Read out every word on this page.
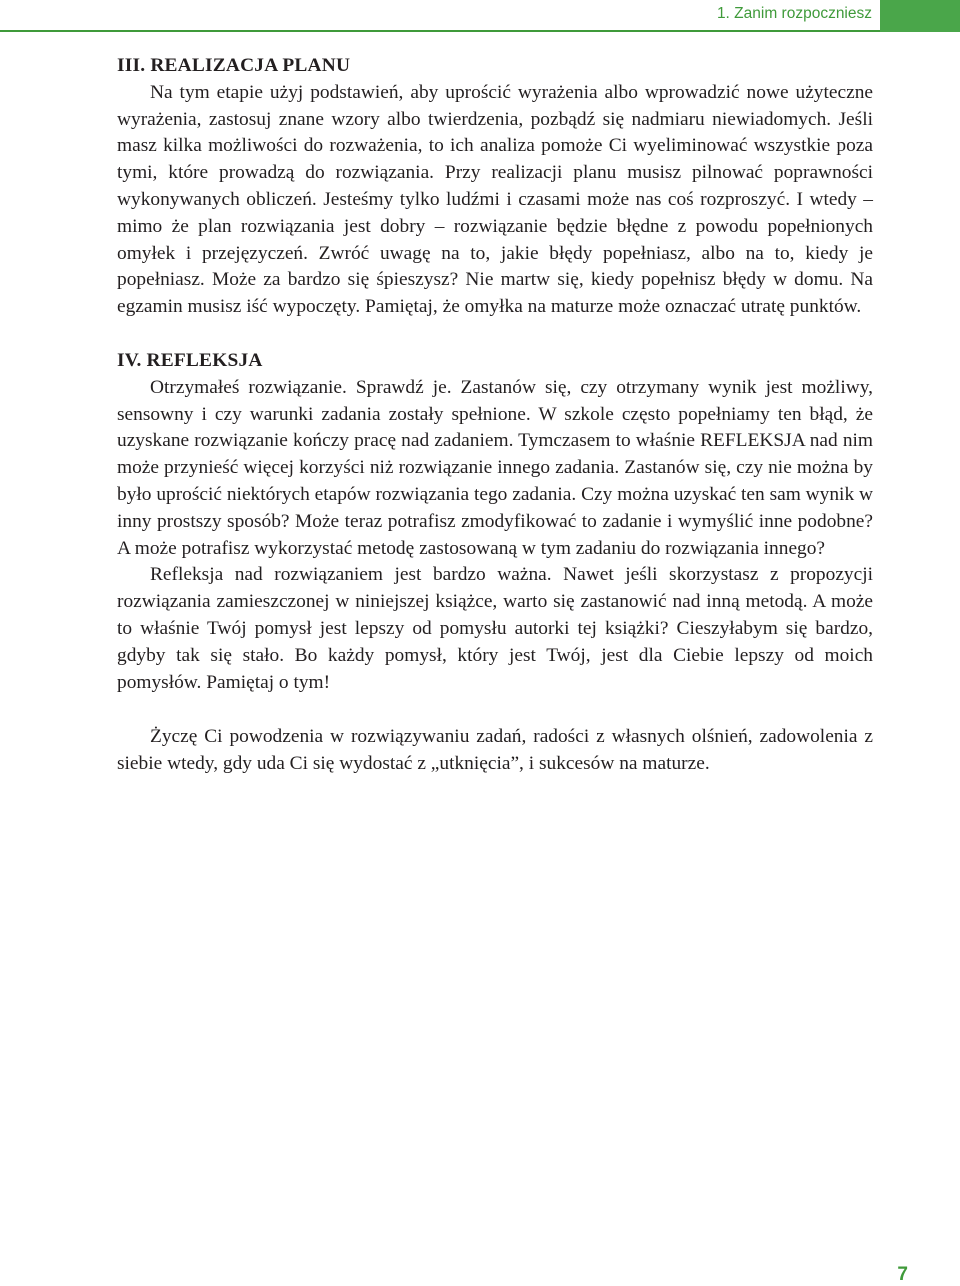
1. Zanim rozpoczniesz

III. REALIZACJA PLANU

Na tym etapie użyj podstawień, aby uprościć wyrażenia albo wprowadzić nowe użyteczne wyrażenia, zastosuj znane wzory albo twierdzenia, pozbądź się nadmiaru niewiadomych. Jeśli masz kilka możliwości do rozważenia, to ich analiza pomoże Ci wyeliminować wszystkie poza tymi, które prowadzą do rozwiązania. Przy realizacji planu musisz pilnować poprawności wykonywanych obliczeń. Jesteśmy tylko ludźmi i czasami może nas coś rozproszyć. I wtedy – mimo że plan rozwiązania jest dobry – rozwiązanie będzie błędne z powodu popełnionych omyłek i przejęzyczeń. Zwróć uwagę na to, jakie błędy popełniasz, albo na to, kiedy je popełniasz. Może za bardzo się śpieszysz? Nie martw się, kiedy popełnisz błędy w domu. Na egzamin musisz iść wypoczęty. Pamiętaj, że omyłka na maturze może oznaczać utratę punktów.

IV. REFLEKSJA

Otrzymałeś rozwiązanie. Sprawdź je. Zastanów się, czy otrzymany wynik jest możliwy, sensowny i czy warunki zadania zostały spełnione. W szkole często popełniamy ten błąd, że uzyskane rozwiązanie kończy pracę nad zadaniem. Tymczasem to właśnie REFLEKSJA nad nim może przynieść więcej korzyści niż rozwiązanie innego zadania. Zastanów się, czy nie można by było uprościć niektórych etapów rozwiązania tego zadania. Czy można uzyskać ten sam wynik w inny prostszy sposób? Może teraz potrafisz zmodyfikować to zadanie i wymyślić inne podobne? A może potrafisz wykorzystać metodę zastosowaną w tym zadaniu do rozwiązania innego?

Refleksja nad rozwiązaniem jest bardzo ważna. Nawet jeśli skorzystasz z propozycji rozwiązania zamieszczonej w niniejszej książce, warto się zastanowić nad inną metodą. A może to właśnie Twój pomysł jest lepszy od pomysłu autorki tej książki? Cieszyłabym się bardzo, gdyby tak się stało. Bo każdy pomysł, który jest Twój, jest dla Ciebie lepszy od moich pomysłów. Pamiętaj o tym!

Życzę Ci powodzenia w rozwiązywaniu zadań, radości z własnych olśnień, zadowolenia z siebie wtedy, gdy uda Ci się wydostać z „utknięcia”, i sukcesów na maturze.

7
